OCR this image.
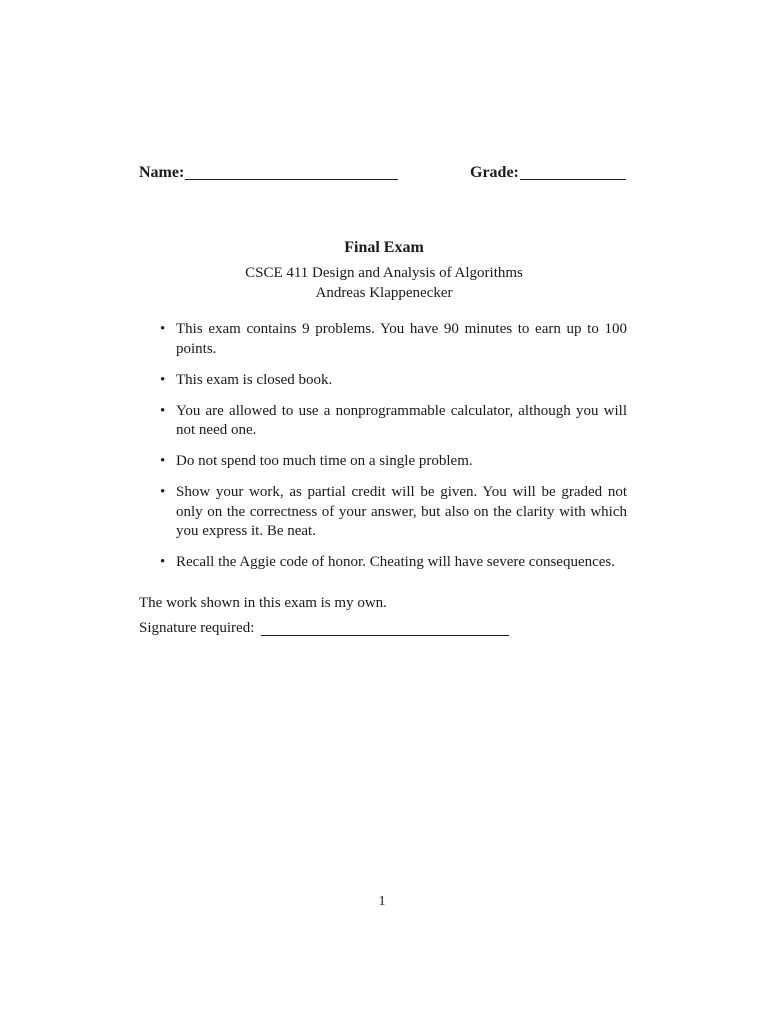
Name:	Grade:
Final Exam
CSCE 411 Design and Analysis of Algorithms
Andreas Klappenecker
• This exam contains 9 problems. You have 90 minutes to earn up to 100 points.
• This exam is closed book.
• You are allowed to use a nonprogrammable calculator, although you will not need one.
• Do not spend too much time on a single problem.
• Show your work, as partial credit will be given. You will be graded not only on the correctness of your answer, but also on the clarity with which you express it. Be neat.
• Recall the Aggie code of honor. Cheating will have severe consequences.
The work shown in this exam is my own.
Signature required:
1
